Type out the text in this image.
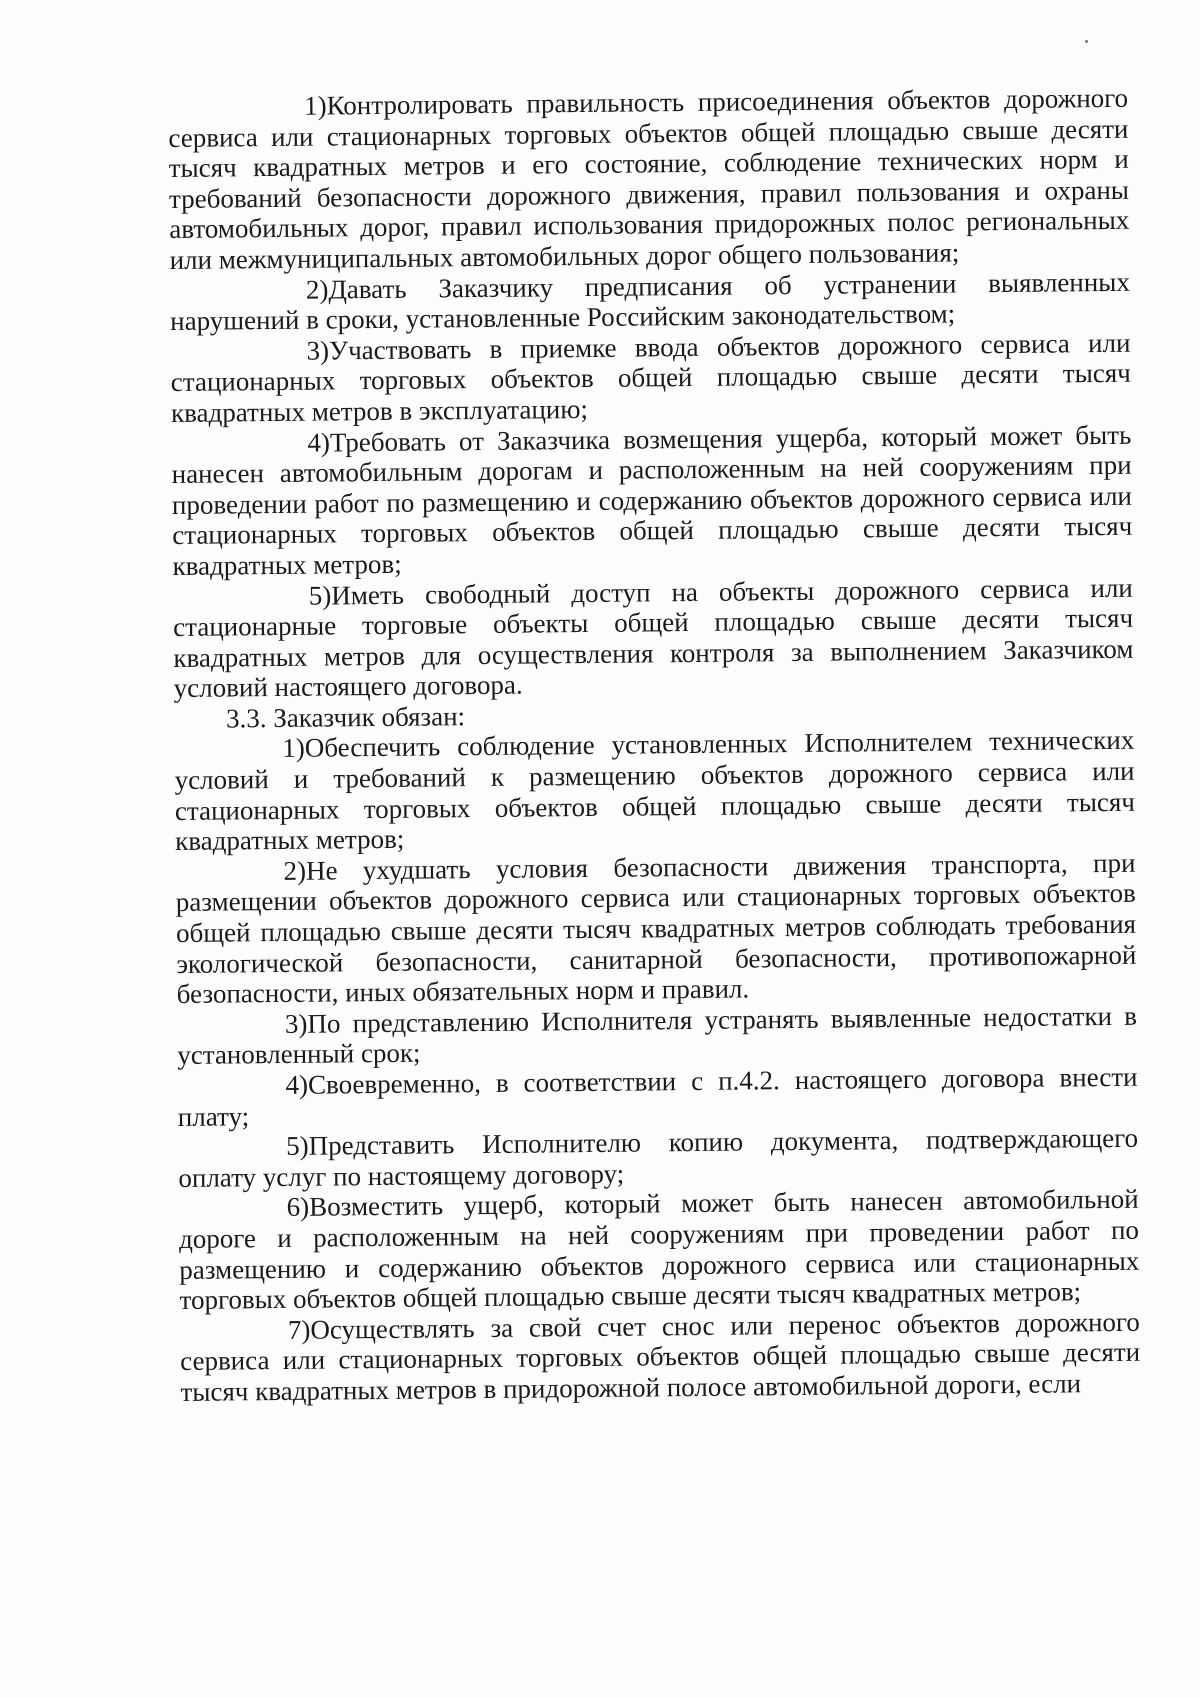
1)Контролировать правильность присоединения объектов дорожного сервиса или стационарных торговых объектов общей площадью свыше десяти тысяч квадратных метров и его состояние, соблюдение технических норм и требований безопасности дорожного движения, правил пользования и охраны автомобильных дорог, правил использования придорожных полос региональных или межмуниципальных автомобильных дорог общего пользования;

2)Давать Заказчику предписания об устранении выявленных нарушений в сроки, установленные Российским законодательством;

3)Участвовать в приемке ввода объектов дорожного сервиса или стационарных торговых объектов общей площадью свыше десяти тысяч квадратных метров в эксплуатацию;

4)Требовать от Заказчика возмещения ущерба, который может быть нанесен автомобильным дорогам и расположенным на ней сооружениям при проведении работ по размещению и содержанию объектов дорожного сервиса или стационарных торговых объектов общей площадью свыше десяти тысяч квадратных метров;

5)Иметь свободный доступ на объекты дорожного сервиса или стационарные торговые объекты общей площадью свыше десяти тысяч квадратных метров для осуществления контроля за выполнением Заказчиком условий настоящего договора.

3.3. Заказчик обязан:

1)Обеспечить соблюдение установленных Исполнителем технических условий и требований к размещению объектов дорожного сервиса или стационарных торговых объектов общей площадью свыше десяти тысяч квадратных метров;

2)Не ухудшать условия безопасности движения транспорта, при размещении объектов дорожного сервиса или стационарных торговых объектов общей площадью свыше десяти тысяч квадратных метров соблюдать требования экологической безопасности, санитарной безопасности, противопожарной безопасности, иных обязательных норм и правил.

3)По представлению Исполнителя устранять выявленные недостатки в установленный срок;

4)Своевременно, в соответствии с п.4.2. настоящего договора внести плату;

5)Представить Исполнителю копию документа, подтверждающего оплату услуг по настоящему договору;

6)Возместить ущерб, который может быть нанесен автомобильной дороге и расположенным на ней сооружениям при проведении работ по размещению и содержанию объектов дорожного сервиса или стационарных торговых объектов общей площадью свыше десяти тысяч квадратных метров;

7)Осуществлять за свой счет снос или перенос объектов дорожного сервиса или стационарных торговых объектов общей площадью свыше десяти тысяч квадратных метров в придорожной полосе автомобильной дороги, если
